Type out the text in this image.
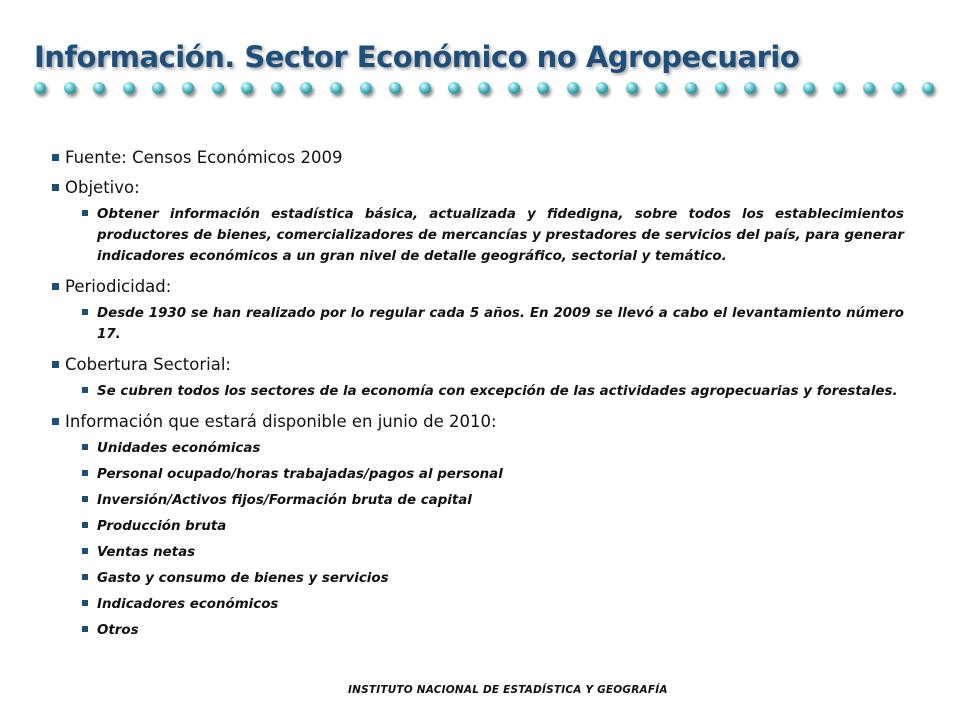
Información. Sector Económico no Agropecuario
Fuente: Censos Económicos 2009
Objetivo:
Obtener información estadística básica, actualizada y fidedigna, sobre todos los establecimientos productores de bienes, comercializadores de mercancías y prestadores de servicios del país, para generar indicadores económicos a un gran nivel de detalle geográfico, sectorial y temático.
Periodicidad:
Desde 1930 se han realizado por lo regular cada 5 años. En 2009 se llevó a cabo el levantamiento número 17.
Cobertura Sectorial:
Se cubren todos los sectores de la economía con excepción de las actividades agropecuarias y forestales.
Información que estará disponible en junio de 2010:
Unidades económicas
Personal ocupado/horas trabajadas/pagos al personal
Inversión/Activos fijos/Formación bruta de capital
Producción bruta
Ventas netas
Gasto y consumo de bienes y servicios
Indicadores económicos
Otros
INSTITUTO NACIONAL DE ESTADÍSTICA Y GEOGRAFÍA
